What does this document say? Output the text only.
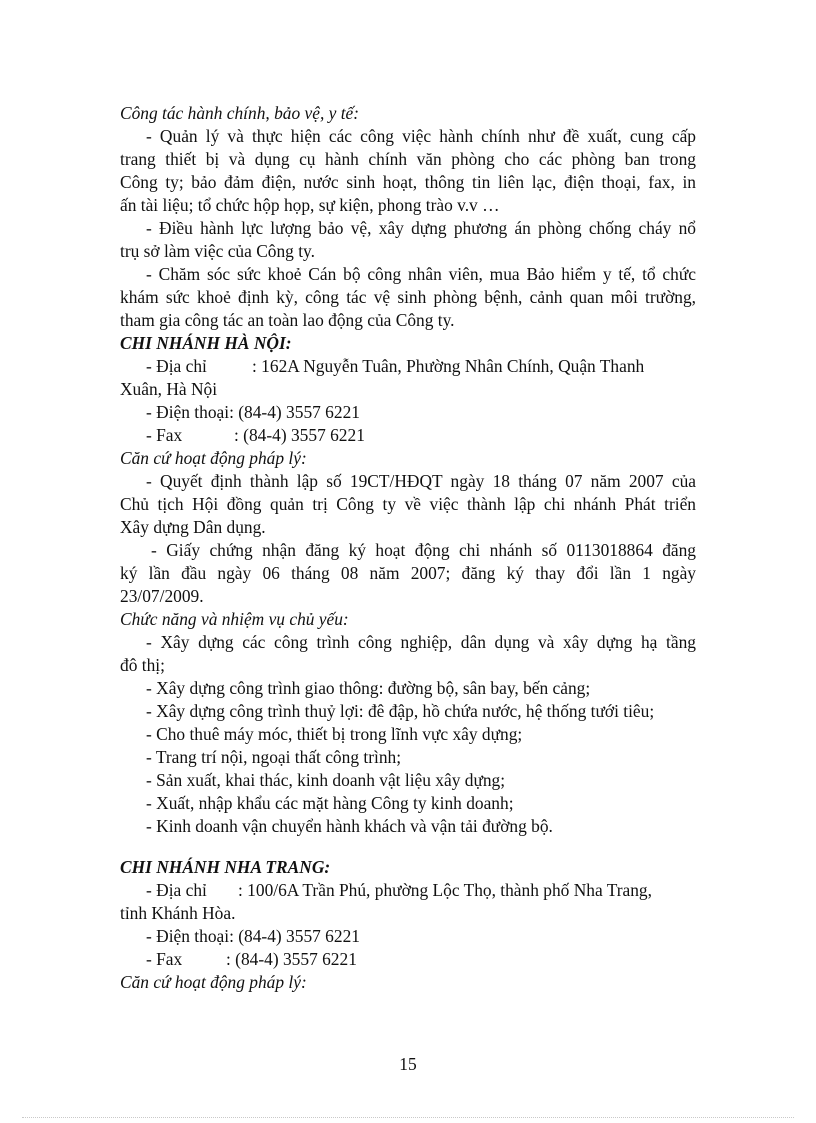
Công tác hành chính, bảo vệ, y tế:
- Quản lý và thực hiện các công việc hành chính như đề xuất, cung cấp
trang thiết bị và dụng cụ hành chính văn phòng cho các phòng ban trong
Công ty; bảo đảm điện, nước sinh hoạt, thông tin liên lạc, điện thoại, fax, in
ấn tài liệu; tổ chức hộp họp, sự kiện, phong trào v.v …
- Điều hành lực lượng bảo vệ, xây dựng phương án phòng chống cháy nổ
trụ sở làm việc của Công ty.
- Chăm sóc sức khoẻ Cán bộ công nhân viên, mua Bảo hiểm y tế, tổ chức
khám sức khoẻ định kỳ, công tác vệ sinh phòng bệnh, cảnh quan môi trường,
tham gia công tác an toàn lao động của Công ty.
CHI NHÁNH HÀ NỘI:
- Địa chỉ	: 162A Nguyễn Tuân, Phường Nhân Chính, Quận Thanh
Xuân, Hà Nội
- Điện thoại: (84-4) 3557 6221
- Fax	: (84-4) 3557 6221
Căn cứ hoạt động pháp lý:
- Quyết định thành lập số 19CT/HĐQT ngày 18 tháng 07 năm 2007 của
Chủ tịch Hội đồng quản trị Công ty về việc thành lập chi nhánh Phát triển
Xây dựng Dân dụng.
- Giấy chứng nhận đăng ký hoạt động chi nhánh số 0113018864 đăng
ký lần đầu ngày 06 tháng 08 năm 2007; đăng ký thay đổi lần 1 ngày
23/07/2009.
Chức năng và nhiệm vụ chủ yếu:
- Xây dựng các công trình công nghiệp, dân dụng và xây dựng hạ tầng
đô thị;
- Xây dựng công trình giao thông: đường bộ, sân bay, bến cảng;
- Xây dựng công trình thuỷ lợi: đê đập, hồ chứa nước, hệ thống tưới tiêu;
- Cho thuê máy móc, thiết bị trong lĩnh vực xây dựng;
- Trang trí nội, ngoại thất công trình;
- Sản xuất, khai thác, kinh doanh vật liệu xây dựng;
- Xuất, nhập khẩu các mặt hàng Công ty kinh doanh;
- Kinh doanh vận chuyển hành khách và vận tải đường bộ.
CHI NHÁNH NHA TRANG:
- Địa chỉ : 100/6A Trần Phú, phường Lộc Thọ, thành phố Nha Trang,
tỉnh Khánh Hòa.
- Điện thoại: (84-4) 3557 6221
- Fax	: (84-4) 3557 6221
Căn cứ hoạt động pháp lý:
15
